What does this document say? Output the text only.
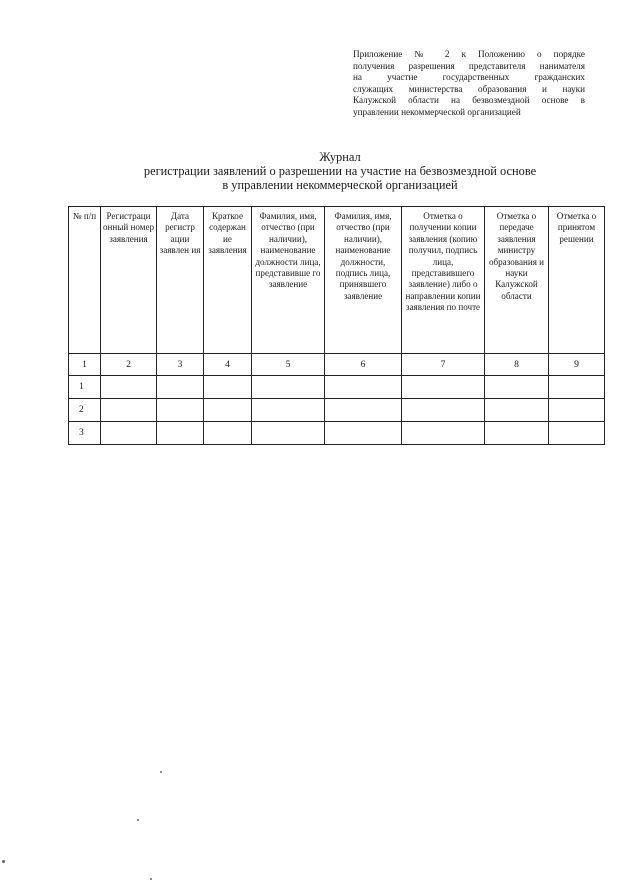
Приложение № 2 к Положению о порядке
получения разрешения представителя нанимателя
на участие государственных гражданских
служащих министерства образования и науки
Калужской области на безвозмездной основе в
управлении некоммерческой организацией
Журнал
регистрации заявлений о разрешении на участие на безвозмездной основе
в управлении некоммерческой организацией
№ п/п	Регистраци онный номер заявления	Дата регистр ации заявлен ия	Краткое содержан ие заявления	Фамилия, имя, отчество (при наличии), наименование должности лица, представивше го заявление	Фамилия, имя, отчество (при наличии), наименование должности, подпись лица, принявшего заявление	Отметка о получении копии заявления (копию получил, подпись лица, представившего заявление) либо о направлении копии заявления по почте	Отметка о передаче заявления министру образования и науки Калужской области	Отметка о принятом решении
1	2	3	4	5	6	7	8	9
1								
2								
3								
